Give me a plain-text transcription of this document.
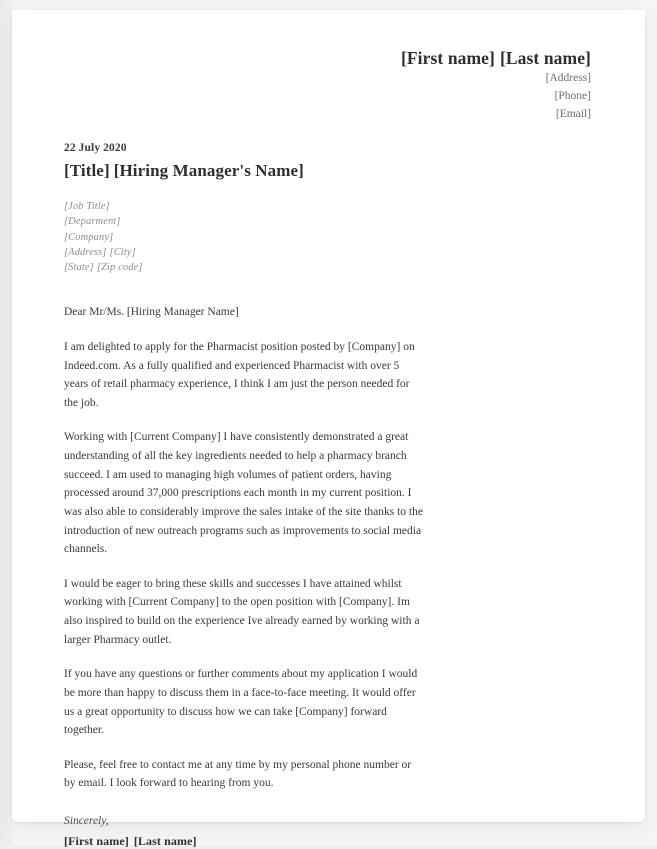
[First name] [Last name]
[Address]
[Phone]
[Email]
22 July 2020
[Title] [Hiring Manager's Name]
[Job Title]
[Deparment]
[Company]
[Address] [City]
[State] [Zip code]
Dear Mr/Ms. [Hiring Manager Name]

I am delighted to apply for the Pharmacist position posted by [Company] on Indeed.com. As a fully qualified and experienced Pharmacist with over 5 years of retail pharmacy experience, I think I am just the person needed for the job.

Working with [Current Company] I have consistently demonstrated a great understanding of all the key ingredients needed to help a pharmacy branch succeed. I am used to managing high volumes of patient orders, having processed around 37,000 prescriptions each month in my current position. I was also able to considerably improve the sales intake of the site thanks to the introduction of new outreach programs such as improvements to social media channels.

I would be eager to bring these skills and successes I have attained whilst working with [Current Company] to the open position with [Company]. Im also inspired to build on the experience Ive already earned by working with a larger Pharmacy outlet.

If you have any questions or further comments about my application I would be more than happy to discuss them in a face-to-face meeting. It would offer us a great opportunity to discuss how we can take [Company] forward together.

Please, feel free to contact me at any time by my personal phone number or by email. I look forward to hearing from you.

Sincerely,
[First name] [Last name]
